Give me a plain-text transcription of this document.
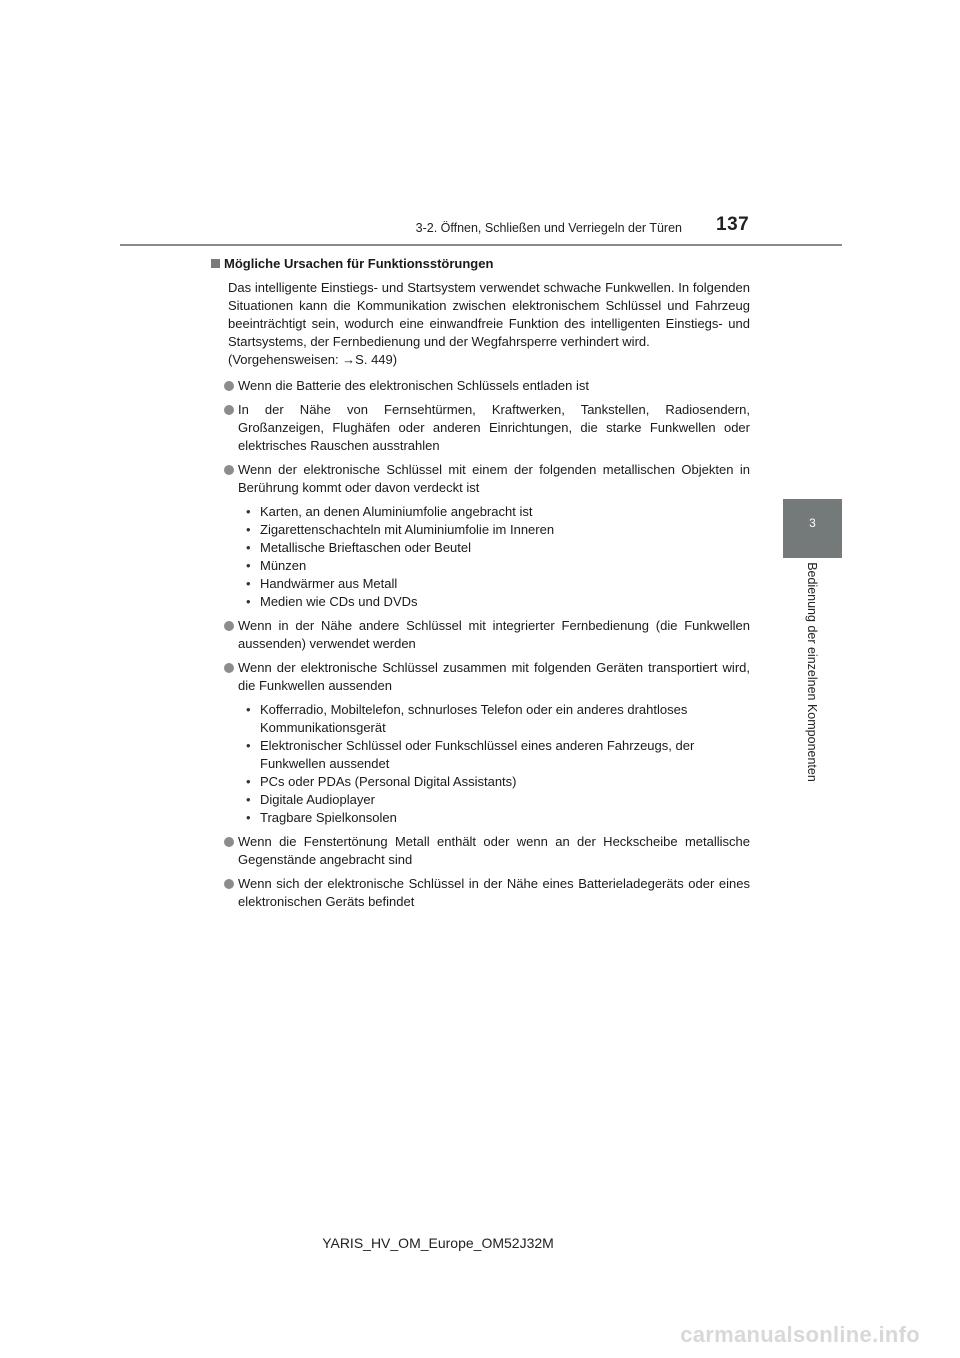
3-2. Öffnen, Schließen und Verriegeln der Türen 137
3
Bedienung der einzelnen Komponenten
Mögliche Ursachen für Funktionsstörungen

Das intelligente Einstiegs- und Startsystem verwendet schwache Funkwellen. In folgenden Situationen kann die Kommunikation zwischen elektronischem Schlüssel und Fahrzeug beeinträchtigt sein, wodurch eine einwandfreie Funktion des intelligenten Einstiegs- und Startsystems, der Fernbedienung und der Wegfahrsperre verhindert wird.

(Vorgehensweisen: →S. 449)

Wenn die Batterie des elektronischen Schlüssels entladen ist
In der Nähe von Fernsehtürmen, Kraftwerken, Tankstellen, Radiosendern, Großanzeigen, Flughäfen oder anderen Einrichtungen, die starke Funkwellen oder elektrisches Rauschen ausstrahlen
Wenn der elektronische Schlüssel mit einem der folgenden metallischen Objekten in Berührung kommt oder davon verdeckt ist
• Karten, an denen Aluminiumfolie angebracht ist
• Zigarettenschachteln mit Aluminiumfolie im Inneren
• Metallische Brieftaschen oder Beutel
• Münzen
• Handwärmer aus Metall
• Medien wie CDs und DVDs
Wenn in der Nähe andere Schlüssel mit integrierter Fernbedienung (die Funkwellen aussenden) verwendet werden
Wenn der elektronische Schlüssel zusammen mit folgenden Geräten transportiert wird, die Funkwellen aussenden
• Kofferradio, Mobiltelefon, schnurloses Telefon oder ein anderes drahtloses Kommunikationsgerät
• Elektronischer Schlüssel oder Funkschlüssel eines anderen Fahrzeugs, der Funkwellen aussendet
• PCs oder PDAs (Personal Digital Assistants)
• Digitale Audioplayer
• Tragbare Spielkonsolen
Wenn die Fenstertönung Metall enthält oder wenn an der Heckscheibe metallische Gegenstände angebracht sind
Wenn sich der elektronische Schlüssel in der Nähe eines Batterieladegeräts oder eines elektronischen Geräts befindet
YARIS_HV_OM_Europe_OM52J32M
carmanualsonline.info
